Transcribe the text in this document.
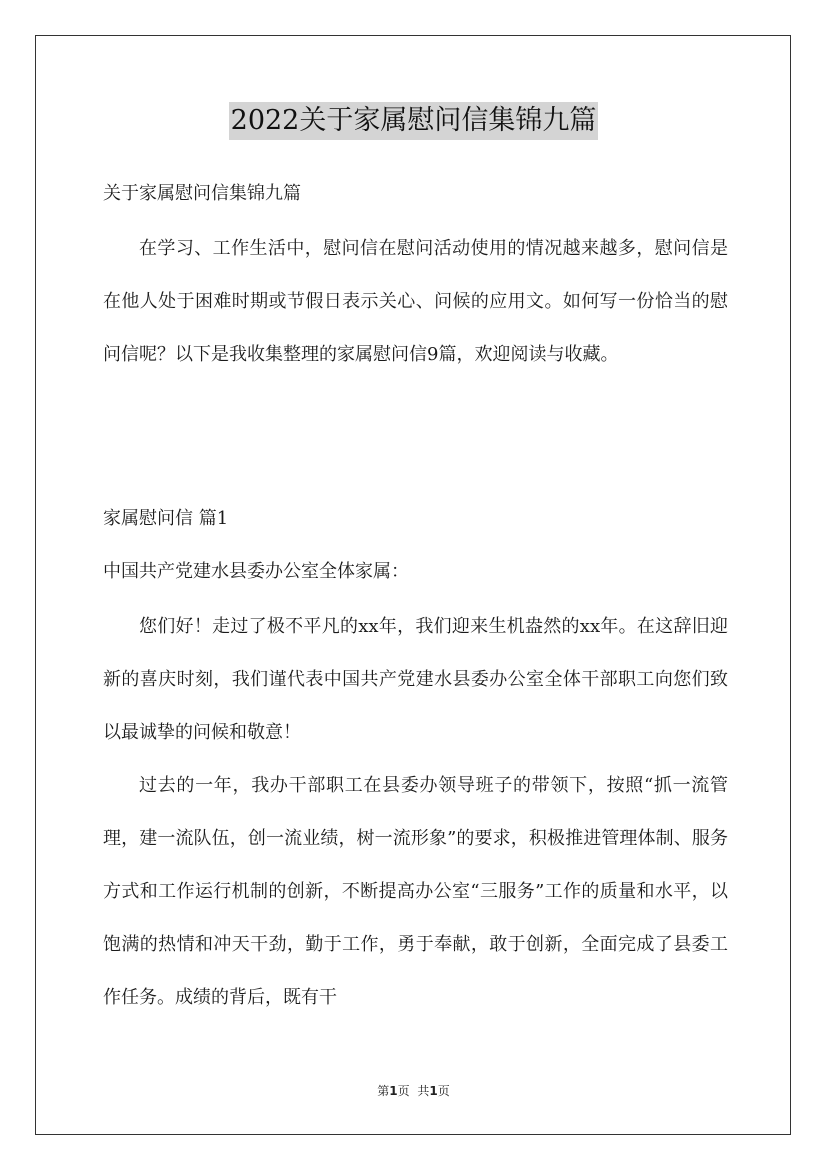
2022关于家属慰问信集锦九篇

关于家属慰问信集锦九篇

在学习、工作生活中，慰问信在慰问活动使用的情况越来越多，慰问信是在他人处于困难时期或节假日表示关心、问候的应用文。如何写一份恰当的慰问信呢？以下是我收集整理的家属慰问信9篇，欢迎阅读与收藏。

家属慰问信 篇1

中国共产党建水县委办公室全体家属：

您们好！走过了极不平凡的xx年，我们迎来生机盎然的xx年。在这辞旧迎新的喜庆时刻，我们谨代表中国共产党建水县委办公室全体干部职工向您们致以最诚挚的问候和敬意！

过去的一年，我办干部职工在县委办领导班子的带领下，按照“抓一流管理，建一流队伍，创一流业绩，树一流形象”的要求，积极推进管理体制、服务方式和工作运行机制的创新，不断提高办公室“三服务”工作的质量和水平，以饱满的热情和冲天干劲，勤于工作，勇于奉献，敢于创新，全面完成了县委工作任务。成绩的背后，既有干

第1页 共1页
